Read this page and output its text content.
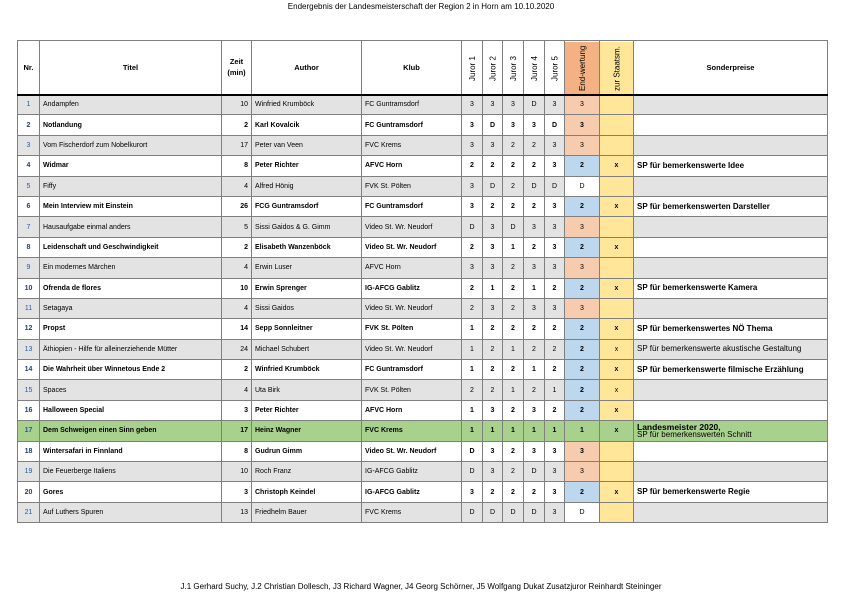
Endergebnis der Landesmeisterschaft der Region 2 in Horn am 10.10.2020
Nr.	Titel	Zeit (min)	Author	Klub	Juror 1	Juror 2	Juror 3	Juror 4	Juror 5	End-wertung	zur Staatsm.	Sonderpreise
1	Andampfen	10	Winfried Krumböck	FC Guntramsdorf	3	3	3	D	3	3		
2	Notlandung	2	Karl Kovalcik	FC Guntramsdorf	3	D	3	3	D	3		
3	Vom Fischerdorf zum Nobelkurort	17	Peter van Veen	FVC Krems	3	3	2	2	3	3		
4	Widmar	8	Peter Richter	AFVC Horn	2	2	2	2	3	2	x	SP für bemerkenswerte Idee
5	Fiffy	4	Alfred Hönig	FVK St. Pölten	3	D	2	D	D	D		
6	Mein Interview mit Einstein	26	FCG Guntramsdorf	FC Guntramsdorf	3	2	2	2	3	2	x	SP für bemerkenswerten Darsteller
7	Hausaufgabe einmal anders	5	Sissi Gaidos & G. Gimm	Video St. Wr. Neudorf	D	3	D	3	3	3		
8	Leidenschaft und Geschwindigkeit	2	Elisabeth Wanzenböck	Video St. Wr. Neudorf	2	3	1	2	3	2	x	
9	Ein modernes Märchen	4	Erwin Luser	AFVC Horn	3	3	2	3	3	3		
10	Ofrenda de flores	10	Erwin Sprenger	IG-AFCG Gablitz	2	1	2	1	2	2	x	SP für bemerkenswerte Kamera
11	Setagaya	4	Sissi Gaidos	Video St. Wr. Neudorf	2	3	2	3	3	3		
12	Propst	14	Sepp Sonnleitner	FVK St. Pölten	1	2	2	2	2	2	x	SP für bemerkenswertes NÖ Thema
13	Äthiopien - Hilfe für alleinerziehende Mütter	24	Michael Schubert	Video St. Wr. Neudorf	1	2	1	2	2	2	x	SP für bemerkenswerte akustische Gestaltung
14	Die Wahrheit über Winnetous Ende 2	2	Winfried Krumböck	FC Guntramsdorf	1	2	2	1	2	2	x	SP für bemerkenswerte filmische Erzählung
15	Spaces	4	Uta Birk	FVK St. Pölten	2	2	1	2	1	2	x	
16	Halloween Special	3	Peter Richter	AFVC Horn	1	3	2	3	2	2	x	
17	Dem Schweigen einen Sinn geben	17	Heinz Wagner	FVC Krems	1	1	1	1	1	1	x	Landesmeister 2020,
SP für bemerkenswerten Schnitt

18	Wintersafari in Finnland	8	Gudrun Gimm	Video St. Wr. Neudorf	D	3	2	3	3	3		
19	Die Feuerberge Italiens	10	Roch Franz	IG-AFCG Gablitz	D	3	2	D	3	3		
20	Gores	3	Christoph Keindel	IG-AFCG Gablitz	3	2	2	2	3	2	x	SP für bemerkenswerte Regie
21	Auf Luthers Spuren	13	Friedhelm Bauer	FVC Krems	D	D	D	D	3	D		
J.1 Gerhard Suchy, J.2 Christian Dollesch, J3 Richard Wagner, J4 Georg Schörner, J5 Wolfgang Dukat Zusatzjuror Reinhardt Steininger
